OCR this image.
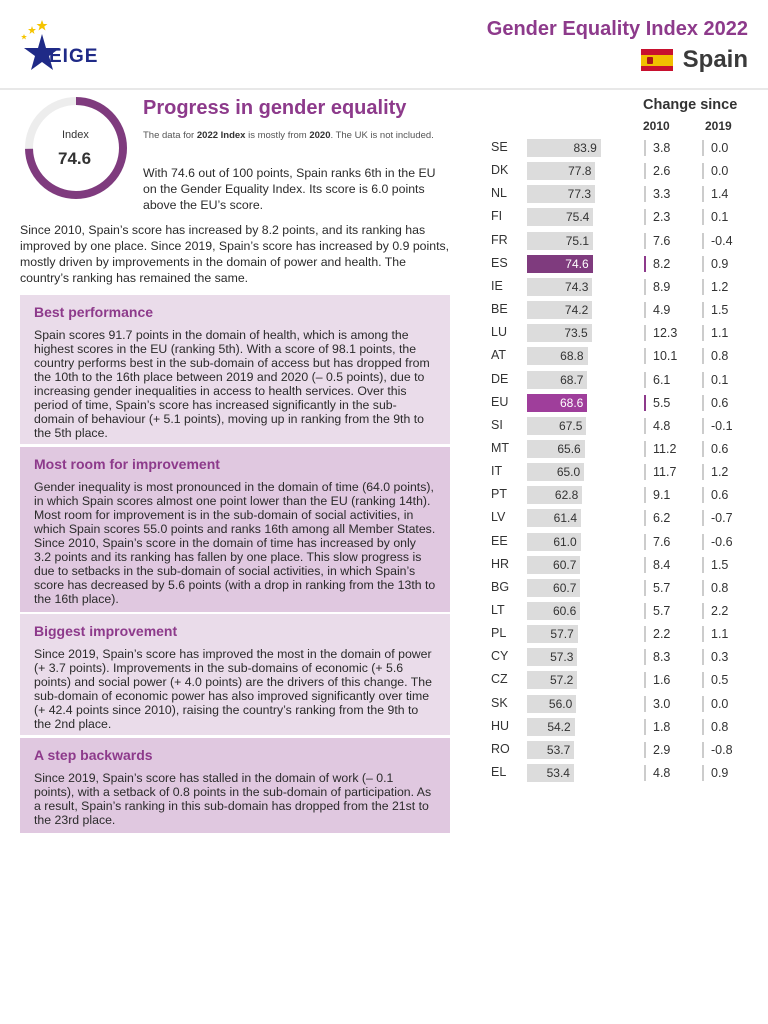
EIGE
Gender Equality Index 2022
Spain
Index
74.6
Progress in gender equality
The data for 2022 Index is mostly from 2020. The UK is not included.
With 74.6 out of 100 points, Spain ranks 6th in the EU on the Gender Equality Index. Its score is 6.0 points above the EU’s score.
Since 2010, Spain’s score has increased by 8.2 points, and its ranking has improved by one place. Since 2019, Spain’s score has increased by 0.9 points, mostly driven by improvements in the domain of power and health. The country’s ranking has remained the same.
Best performance

Spain scores 91.7 points in the domain of health, which is among the highest scores in the EU (ranking 5th). With a score of 98.1 points, the country performs best in the sub-domain of access but has dropped from the 10th to the 16th place between 2019 and 2020 (– 0.5 points), due to increasing gender inequalities in access to health services. Over this period of time, Spain’s score has increased significantly in the sub-domain of behaviour (+ 5.1 points), moving up in ranking from the 9th to the 5th place.

Most room for improvement

Gender inequality is most pronounced in the domain of time (64.0 points), in which Spain scores almost one point lower than the EU (ranking 14th). Most room for improvement is in the sub-domain of social activities, in which Spain scores 55.0 points and ranks 16th among all Member States. Since 2010, Spain’s score in the domain of time has increased by only 3.2 points and its ranking has fallen by one place. This slow progress is due to setbacks in the sub-domain of social activities, in which Spain’s score has decreased by 5.6 points (with a drop in ranking from the 13th to the 16th place).

Biggest improvement

Since 2019, Spain’s score has improved the most in the domain of power (+ 3.7 points). Improvements in the sub-domains of economic (+ 5.6 points) and social power (+ 4.0 points) are the drivers of this change. The sub-domain of economic power has also improved significantly over time (+ 42.4 points since 2010), raising the country’s ranking from the 9th to the 2nd place.

A step backwards

Since 2019, Spain’s score has stalled in the domain of work (– 0.1 points), with a setback of 0.8 points in the sub-domain of participation. As a result, Spain’s ranking in this sub-domain has dropped from the 21st to the 23rd place.

Change since
2010	2019
SE	83.9	3.8	0.0
DK	77.8	2.6	0.0
NL	77.3	3.3	1.4
FI	75.4	2.3	0.1
FR	75.1	7.6	-0.4
ES	74.6	8.2	0.9
IE	74.3	8.9	1.2
BE	74.2	4.9	1.5
LU	73.5	12.3	1.1
AT	68.8	10.1	0.8
DE	68.7	6.1	0.1
EU	68.6	5.5	0.6
SI	67.5	4.8	-0.1
MT	65.6	11.2	0.6
IT	65.0	11.7	1.2
PT	62.8	9.1	0.6
LV	61.4	6.2	-0.7
EE	61.0	7.6	-0.6
HR	60.7	8.4	1.5
BG	60.7	5.7	0.8
LT	60.6	5.7	2.2
PL	57.7	2.2	1.1
CY	57.3	8.3	0.3
CZ	57.2	1.6	0.5
SK	56.0	3.0	0.0
HU	54.2	1.8	0.8
RO	53.7	2.9	-0.8
EL	53.4	4.8	0.9
